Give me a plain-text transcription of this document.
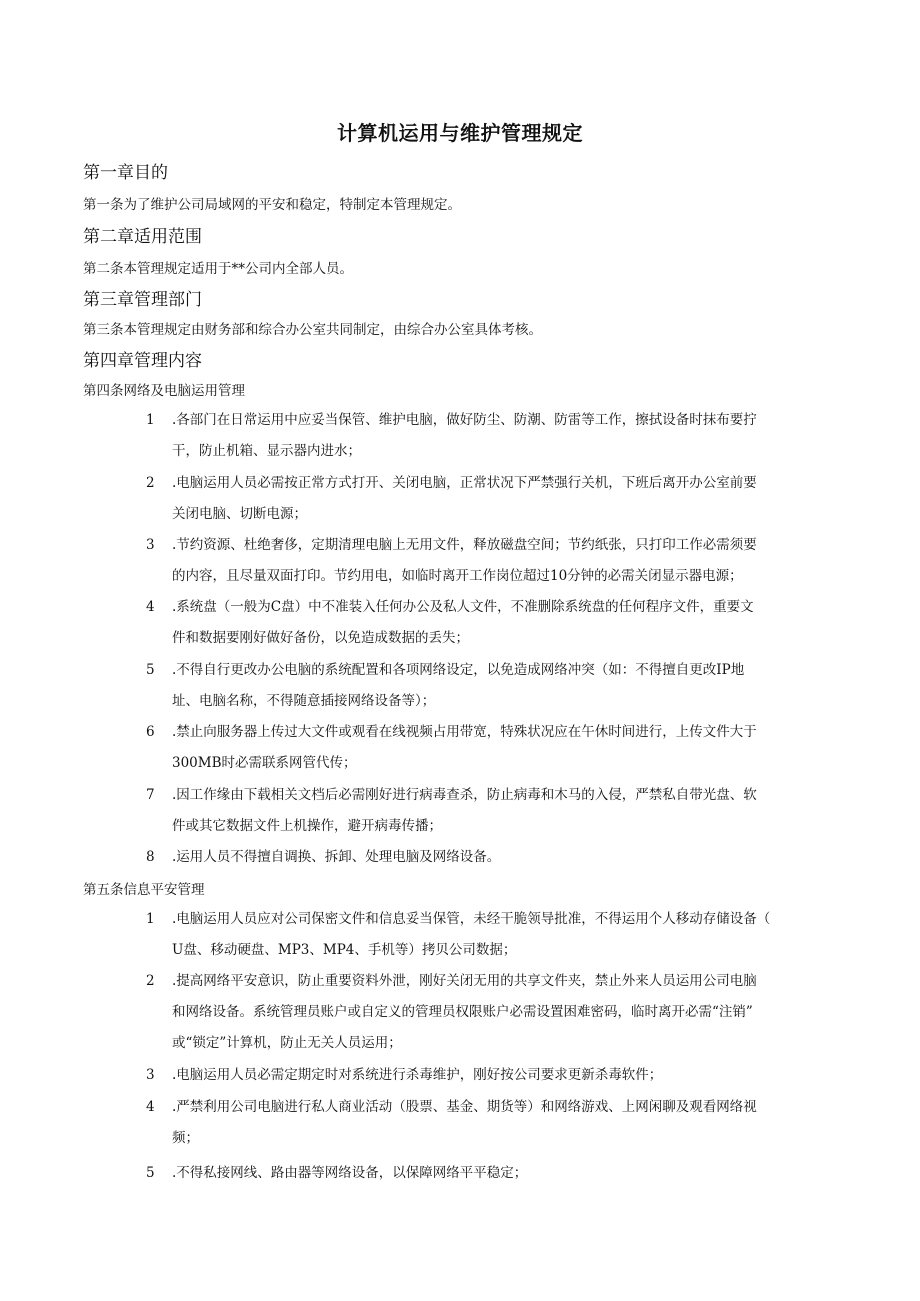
计算机运用与维护管理规定
第一章目的
第一条为了维护公司局域网的平安和稳定，特制定本管理规定。
第二章适用范围
第二条本管理规定适用于**公司内全部人员。
第三章管理部门
第三条本管理规定由财务部和综合办公室共同制定，由综合办公室具体考核。
第四章管理内容
第四条网络及电脑运用管理
1	.各部门在日常运用中应妥当保管、维护电脑，做好防尘、防潮、防雷等工作，擦拭设备时抹布要拧
干，防止机箱、显示器内进水；
2	.电脑运用人员必需按正常方式打开、关闭电脑，正常状况下严禁强行关机，下班后离开办公室前要
关闭电脑、切断电源；
3	.节约资源、杜绝奢侈，定期清理电脑上无用文件，释放磁盘空间；节约纸张，只打印工作必需须要
的内容，且尽量双面打印。节约用电，如临时离开工作岗位超过10分钟的必需关闭显示器电源；
4	.系统盘（一般为C盘）中不准装入任何办公及私人文件，不准删除系统盘的任何程序文件，重要文
件和数据要刚好做好备份，以免造成数据的丢失；
5	.不得自行更改办公电脑的系统配置和各项网络设定，以免造成网络冲突（如：不得擅自更改IP地
址、电脑名称，不得随意插接网络设备等）；
6	.禁止向服务器上传过大文件或观看在线视频占用带宽，特殊状况应在午休时间进行，上传文件大于
300MB时必需联系网管代传；
7	.因工作缘由下载相关文档后必需刚好进行病毒查杀，防止病毒和木马的入侵，严禁私自带光盘、软
件或其它数据文件上机操作，避开病毒传播；
8	.运用人员不得擅自调换、拆卸、处理电脑及网络设备。
第五条信息平安管理
1	.电脑运用人员应对公司保密文件和信息妥当保管，未经干脆领导批准，不得运用个人移动存储设备（
U盘、移动硬盘、MP3、MP4、手机等）拷贝公司数据；
2	.提高网络平安意识，防止重要资料外泄，刚好关闭无用的共享文件夹，禁止外来人员运用公司电脑
和网络设备。系统管理员账户或自定义的管理员权限账户必需设置困难密码，临时离开必需“注销”
或“锁定”计算机，防止无关人员运用；
3	.电脑运用人员必需定期定时对系统进行杀毒维护，刚好按公司要求更新杀毒软件；
4	.严禁利用公司电脑进行私人商业活动（股票、基金、期货等）和网络游戏、上网闲聊及观看网络视
频；
5	.不得私接网线、路由器等网络设备，以保障网络平平稳定；
